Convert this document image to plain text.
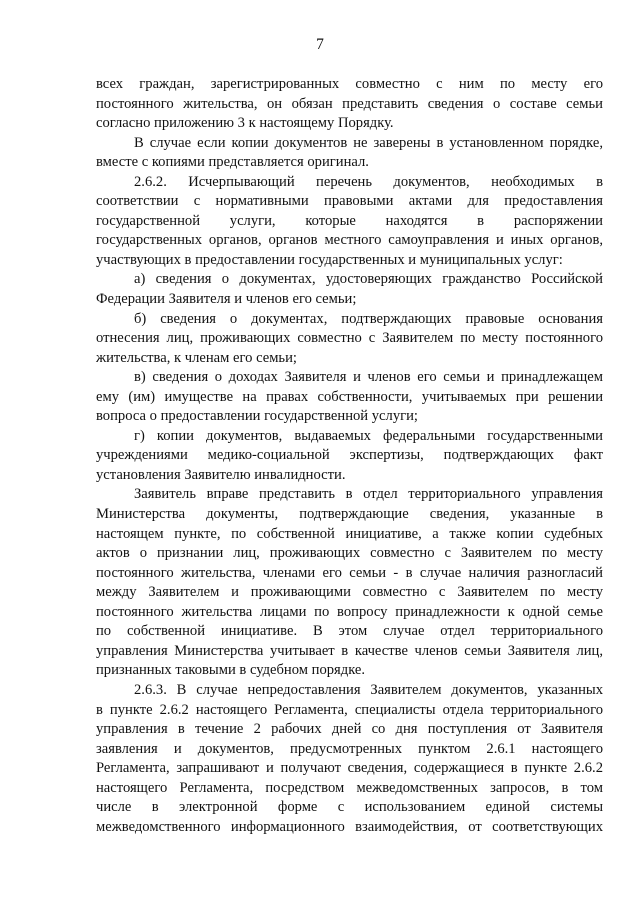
7
всех граждан, зарегистрированных совместно с ним по месту его
постоянного жительства, он обязан представить сведения о составе семьи
согласно приложению 3 к настоящему Порядку.
В случае если копии документов не заверены в установленном порядке,
вместе с копиями представляется оригинал.
2.6.2. Исчерпывающий перечень документов, необходимых в
соответствии с нормативными правовыми актами для предоставления
государственной услуги, которые находятся в распоряжении
государственных органов, органов местного самоуправления и иных органов,
участвующих в предоставлении государственных и муниципальных услуг:
а) сведения о документах, удостоверяющих гражданство Российской
Федерации Заявителя и членов его семьи;
б) сведения о документах, подтверждающих правовые основания
отнесения лиц, проживающих совместно с Заявителем по месту постоянного
жительства, к членам его семьи;
в) сведения о доходах Заявителя и членов его семьи и принадлежащем
ему (им) имуществе на правах собственности, учитываемых при решении
вопроса о предоставлении государственной услуги;
г) копии документов, выдаваемых федеральными государственными
учреждениями медико-социальной экспертизы, подтверждающих факт
установления Заявителю инвалидности.
Заявитель вправе представить в отдел территориального управления
Министерства документы, подтверждающие сведения, указанные в
настоящем пункте, по собственной инициативе, а также копии судебных
актов о признании лиц, проживающих совместно с Заявителем по месту
постоянного жительства, членами его семьи - в случае наличия разногласий
между Заявителем и проживающими совместно с Заявителем по месту
постоянного жительства лицами по вопросу принадлежности к одной семье
по собственной инициативе. В этом случае отдел территориального
управления Министерства учитывает в качестве членов семьи Заявителя лиц,
признанных таковыми в судебном порядке.
2.6.3. В случае непредоставления Заявителем документов, указанных
в пункте 2.6.2 настоящего Регламента, специалисты отдела территориального
управления в течение 2 рабочих дней со дня поступления от Заявителя
заявления и документов, предусмотренных пунктом 2.6.1 настоящего
Регламента, запрашивают и получают сведения, содержащиеся в пункте 2.6.2
настоящего Регламента, посредством межведомственных запросов, в том
числе в электронной форме с использованием единой системы
межведомственного информационного взаимодействия, от соответствующих
